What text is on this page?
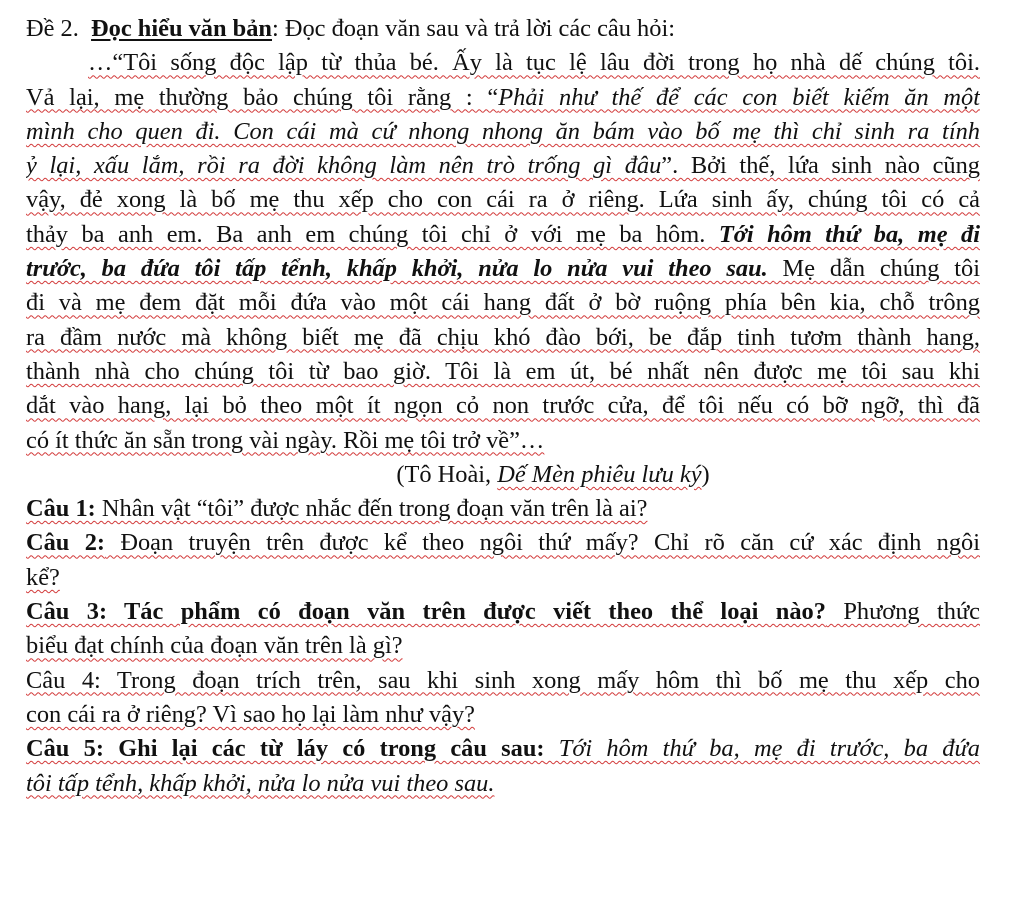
Đề 2. Đọc hiểu văn bản: Đọc đoạn văn sau và trả lời các câu hỏi:
…“Tôi sống độc lập từ thủa bé. Ấy là tục lệ lâu đời trong họ nhà dế chúng tôi.
Vả lại, mẹ thường bảo chúng tôi rằng : “Phải như thế để các con biết kiếm ăn một
mình cho quen đi. Con cái mà cứ nhong nhong ăn bám vào bố mẹ thì chỉ sinh ra tính
ỷ lại, xấu lắm, rồi ra đời không làm nên trò trống gì đâu”. Bởi thế, lứa sinh nào cũng
vậy, đẻ xong là bố mẹ thu xếp cho con cái ra ở riêng. Lứa sinh ấy, chúng tôi có cả
thảy ba anh em. Ba anh em chúng tôi chỉ ở với mẹ ba hôm. Tới hôm thứ ba, mẹ đi
trước, ba đứa tôi tấp tểnh, khấp khởi, nửa lo nửa vui theo sau. Mẹ dẫn chúng tôi
đi và mẹ đem đặt mỗi đứa vào một cái hang đất ở bờ ruộng phía bên kia, chỗ trông
ra đầm nước mà không biết mẹ đã chịu khó đào bới, be đắp tinh tươm thành hang,
thành nhà cho chúng tôi từ bao giờ. Tôi là em út, bé nhất nên được mẹ tôi sau khi
dắt vào hang, lại bỏ theo một ít ngọn cỏ non trước cửa, để tôi nếu có bỡ ngỡ, thì đã
có ít thức ăn sẵn trong vài ngày. Rồi mẹ tôi trở về”…
(Tô Hoài, Dế Mèn phiêu lưu ký)
Câu 1: Nhân vật “tôi” được nhắc đến trong đoạn văn trên là ai?
Câu 2: Đoạn truyện trên được kể theo ngôi thứ mấy? Chỉ rõ căn cứ xác định ngôi
kể?
Câu 3: Tác phẩm có đoạn văn trên được viết theo thể loại nào? Phương thức
biểu đạt chính của đoạn văn trên là gì?
Câu 4: Trong đoạn trích trên, sau khi sinh xong mấy hôm thì bố mẹ thu xếp cho
con cái ra ở riêng? Vì sao họ lại làm như vậy?
Câu 5: Ghi lại các từ láy có trong câu sau: Tới hôm thứ ba, mẹ đi trước, ba đứa
tôi tấp tểnh, khấp khởi, nửa lo nửa vui theo sau.
